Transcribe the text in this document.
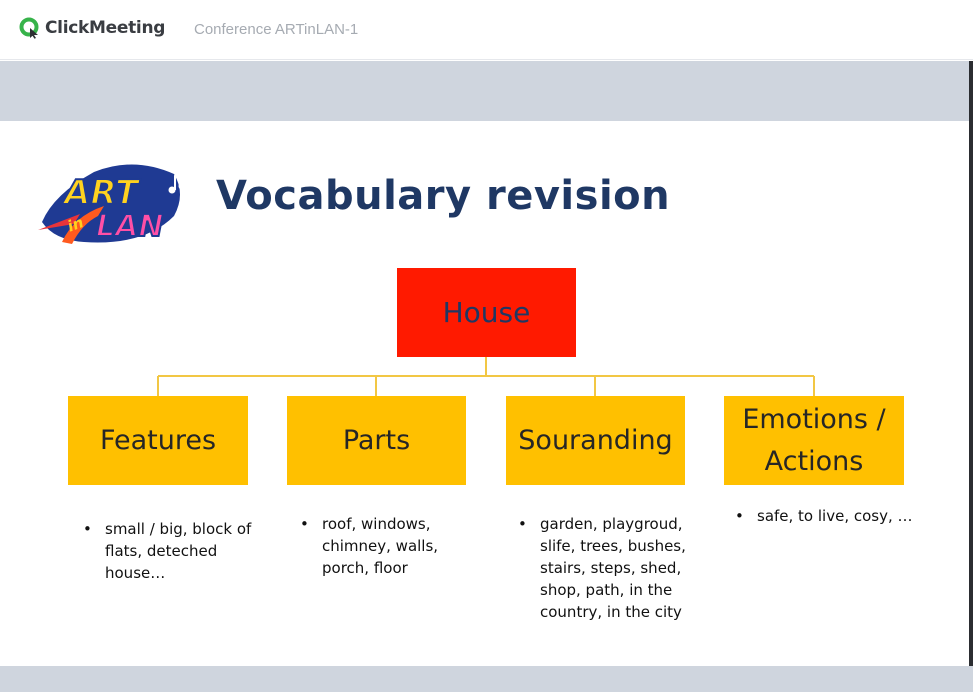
ClickMeeting Conference ARTinLAN-1
ART
in LAN
Vocabulary revision
House
Features	Parts	Souranding
Emotions / Actions
• small / big, block of flats, deteched house…
• roof, windows, chimney, walls, porch, floor
• garden, playgroud, slife, trees, bushes, stairs, steps, shed, shop, path, in the country, in the city
• safe, to live, cosy, …
